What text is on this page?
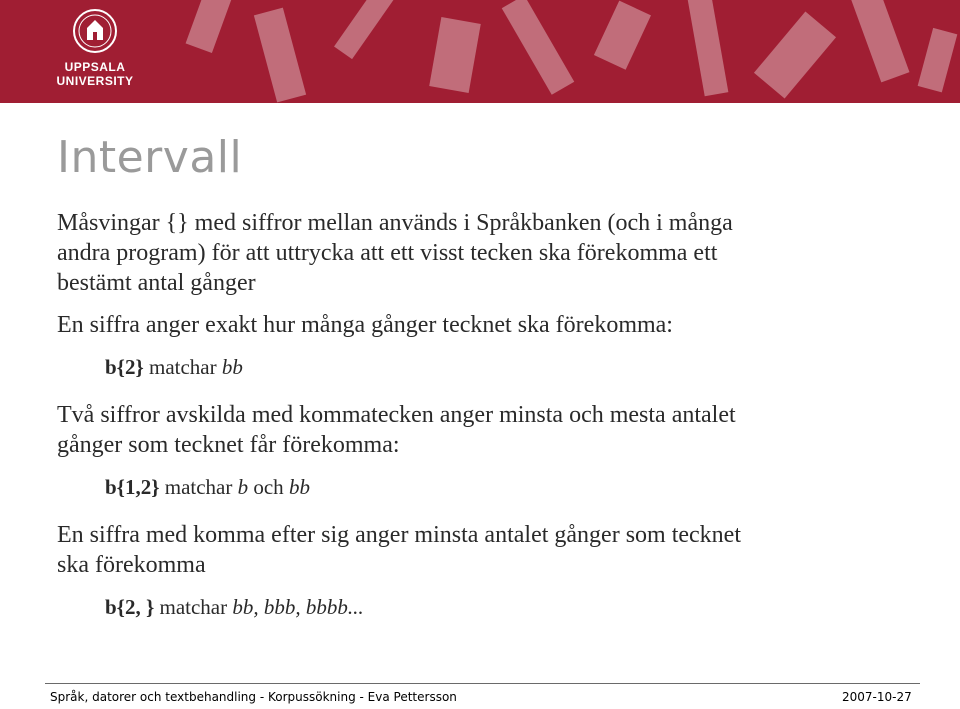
UPPSALA
UNIVERSITY
Intervall

Måsvingar {} med siffror mellan används i Språkbanken (och i många
andra program) för att uttrycka att ett visst tecken ska förekomma ett
bestämt antal gånger

En siffra anger exakt hur många gånger tecknet ska förekomma:

b{2} matchar bb

Två siffror avskilda med kommatecken anger minsta och mesta antalet
gånger som tecknet får förekomma:

b{1,2} matchar b och bb

En siffra med komma efter sig anger minsta antalet gånger som tecknet
ska förekomma

b{2, } matchar bb, bbb, bbbb...

Språk, datorer och textbehandling - Korpussökning - Eva Pettersson	2007-10-27
